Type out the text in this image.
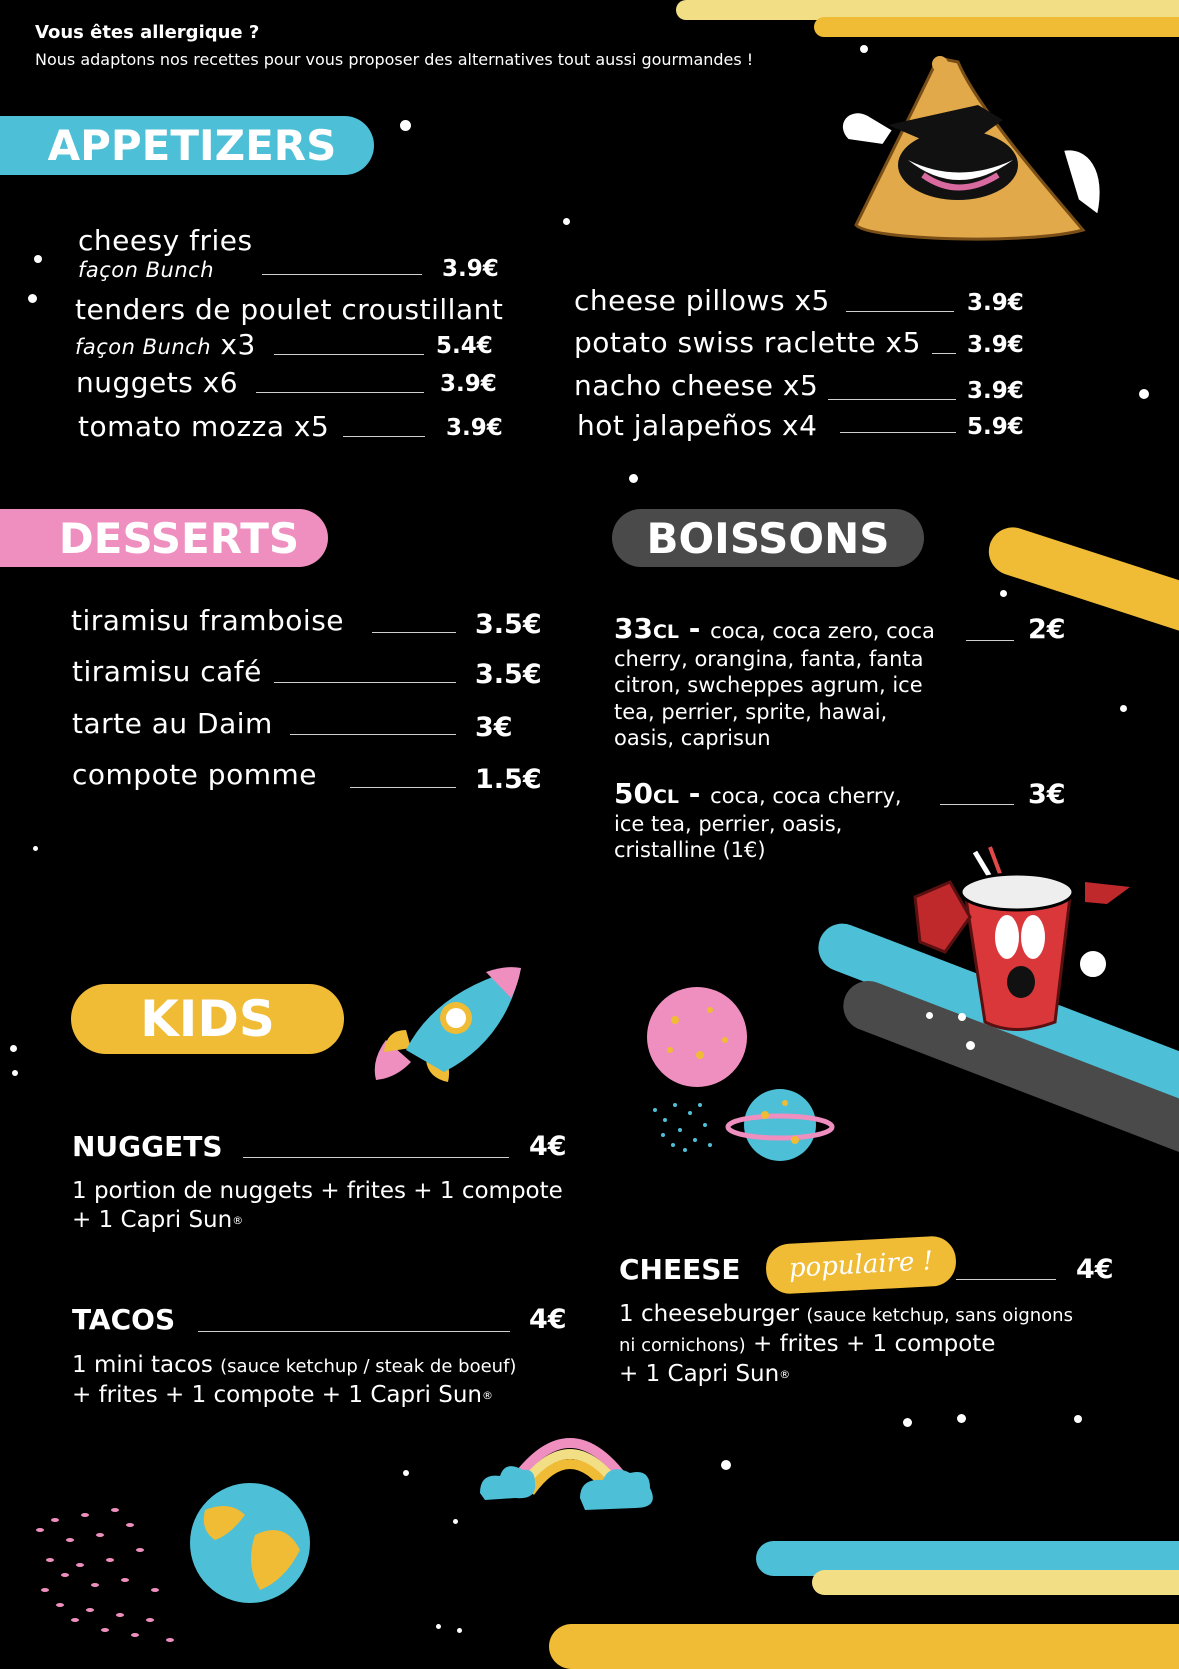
Vous êtes allergique ?
Nous adaptons nos recettes pour vous proposer des alternatives tout aussi gourmandes !
APPETIZERS
cheesy fries
façon Bunch	3.9€
tenders de poulet croustillant
façon Bunch x3	5.4€
nuggets x6	3.9€
tomato mozza x5	3.9€
cheese pillows x5	3.9€
potato swiss raclette x5 3.9€
nacho cheese x5	3.9€
hot jalapeños x4	5.9€
DESSERTS	BOISSONS
tiramisu framboise	3.5€
tiramisu café	3.5€
tarte au Daim	3€
compote pomme	1.5€
33CL - coca, coca zero, coca
cherry, orangina, fanta, fanta
citron, swcheppes agrum, ice
tea, perrier, sprite, hawai,
oasis, caprisun
2€
50CL - coca, coca cherry,
ice tea, perrier, oasis,
cristalline (1€)
3€
KIDS
NUGGETS	4€
1 portion de nuggets + frites + 1 compote
+ 1 Capri Sun®
TACOS	4€
1 mini tacos (sauce ketchup / steak de boeuf)
+ frites + 1 compote + 1 Capri Sun®
CHEESE populaire !	4€
1 cheeseburger (sauce ketchup, sans oignons
ni cornichons) + frites + 1 compote
+ 1 Capri Sun®
